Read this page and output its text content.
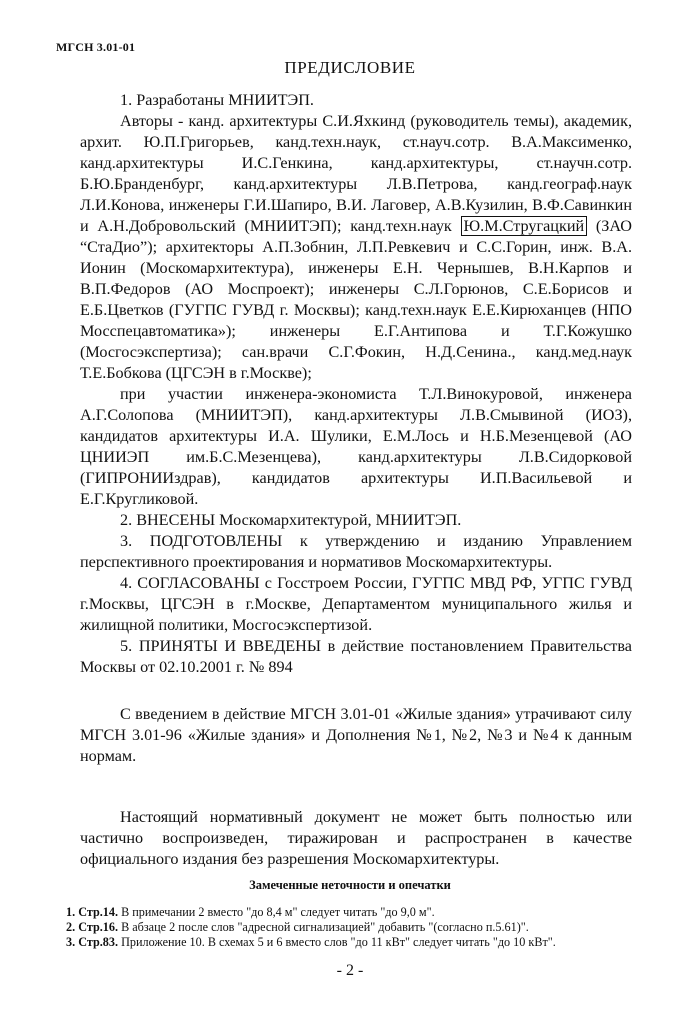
МГСН 3.01-01
ПРЕДИСЛОВИЕ

1. Разработаны МНИИТЭП.

Авторы - канд. архитектуры С.И.Яхкинд (руководитель темы), академик, архит. Ю.П.Григорьев, канд.техн.наук, ст.науч.сотр. В.А.Максименко, канд.архитектуры И.С.Генкина, канд.архитектуры, ст.научн.сотр. Б.Ю.Бранденбург, канд.архитектуры Л.В.Петрова, канд.географ.наук Л.И.Конова, инженеры Г.И.Шапиро, В.И. Лаговер, А.В.Кузилин, В.Ф.Савинкин и А.Н.Добровольский (МНИИТЭП); канд.техн.наук Ю.М.Стругацкий (ЗАО “СтаДио”); архитекторы А.П.Зобнин, Л.П.Ревкевич и С.С.Горин, инж. В.А. Ионин (Москомархитектура), инженеры Е.Н. Чернышев, В.Н.Карпов и В.П.Федоров (АО Моспроект); инженеры С.Л.Горюнов, С.Е.Борисов и Е.Б.Цветков (ГУГПС ГУВД г. Москвы); канд.техн.наук Е.Е.Кирюханцев (НПО Мосспецавтоматика»); инженеры Е.Г.Антипова и Т.Г.Кожушко (Мосгосэкспертиза); сан.врачи С.Г.Фокин, Н.Д.Сенина., канд.мед.наук Т.Е.Бобкова (ЦГСЭН в г.Москве);

при участии инженера-экономиста Т.Л.Винокуровой, инженера А.Г.Солопова (МНИИТЭП), канд.архитектуры Л.В.Смывиной (ИОЗ), кандидатов архитектуры И.А. Шулики, Е.М.Лось и Н.Б.Мезенцевой (АО ЦНИИЭП им.Б.С.Мезенцева), канд.архитектуры Л.В.Сидорковой (ГИПРОНИИздрав), кандидатов архитектуры И.П.Васильевой и Е.Г.Кругликовой.

2. ВНЕСЕНЫ Москомархитектурой, МНИИТЭП.

3. ПОДГОТОВЛЕНЫ к утверждению и изданию Управлением перспективного проектирования и нормативов Москомархитектуры.

4. СОГЛАСОВАНЫ с Госстроем России, ГУГПС МВД РФ, УГПС ГУВД г.Москвы, ЦГСЭН в г.Москве, Департаментом муниципального жилья и жилищной политики, Мосгосэкспертизой.

5. ПРИНЯТЫ И ВВЕДЕНЫ в действие постановлением Правительства Москвы от 02.10.2001 г. № 894

С введением в действие МГСН 3.01-01 «Жилые здания» утрачивают силу МГСН 3.01-96 «Жилые здания» и Дополнения №1, №2, №3 и №4 к данным нормам.

Настоящий нормативный документ не может быть полностью или частично воспроизведен, тиражирован и распространен в качестве официального издания без разрешения Москомархитектуры.

Замеченные неточности и опечатки
1. Стр.14. В примечании 2 вместо "до 8,4 м" следует читать "до 9,0 м".
2. Стр.16. В абзаце 2 после слов "адресной сигнализацией" добавить "(согласно п.5.61)".
3. Стр.83. Приложение 10. В схемах 5 и 6 вместо слов "до 11 кВт" следует читать "до 10 кВт".
- 2 -
